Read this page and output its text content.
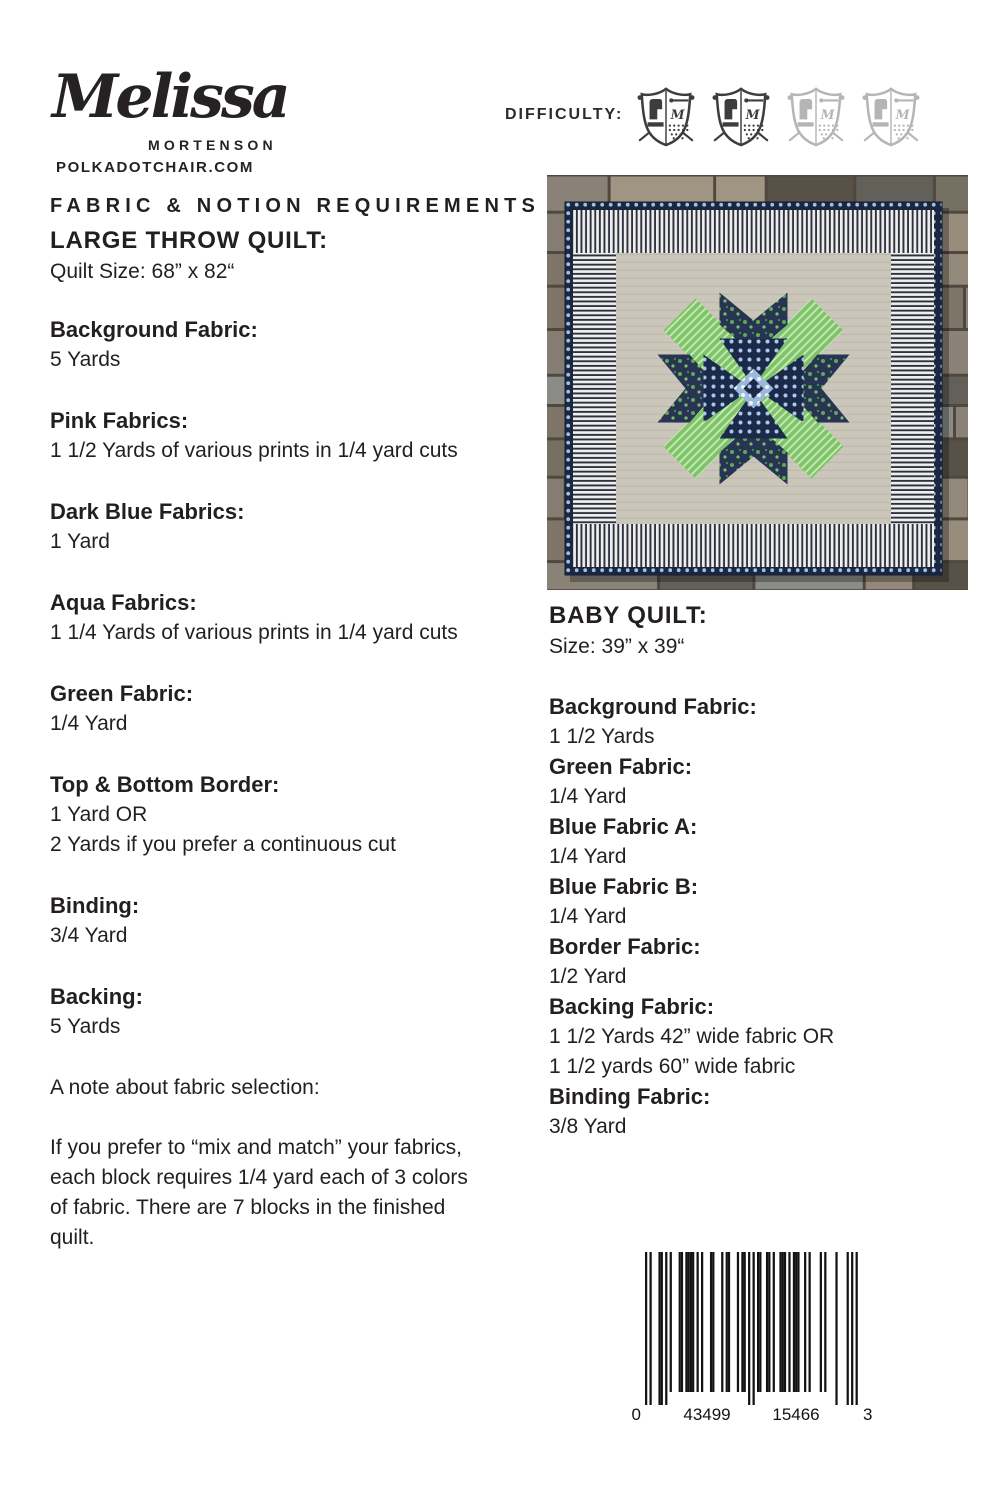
Melissa
MORTENSON
POLKADOTCHAIR.COM
DIFFICULTY:	M	M	M	M
FABRIC & NOTION REQUIREMENTS
LARGE THROW QUILT:
Quilt Size: 68” x 82“
Background Fabric:
5 Yards
Pink Fabrics:
1 1/2 Yards of various prints in 1/4 yard cuts
Dark Blue Fabrics:
1 Yard
Aqua Fabrics:
1 1/4 Yards of various prints in 1/4 yard cuts
Green Fabric:
1/4 Yard
Top & Bottom Border:
1 Yard OR
2 Yards if you prefer a continuous cut
Binding:
3/4 Yard
Backing:
5 Yards
A note about fabric selection:
If you prefer to “mix and match” your fabrics,
each block requires 1/4 yard each of 3 colors
of fabric. There are 7 blocks in the finished
quilt.
BABY QUILT:
Size: 39” x 39“
Background Fabric:
1 1/2 Yards
Green Fabric:
1/4 Yard
Blue Fabric A:
1/4 Yard
Blue Fabric B:
1/4 Yard
Border Fabric:
1/2 Yard
Backing Fabric:
1 1/2 Yards 42” wide fabric OR
1 1/2 yards 60” wide fabric
Binding Fabric:
3/8 Yard
0 43499 15466	3
